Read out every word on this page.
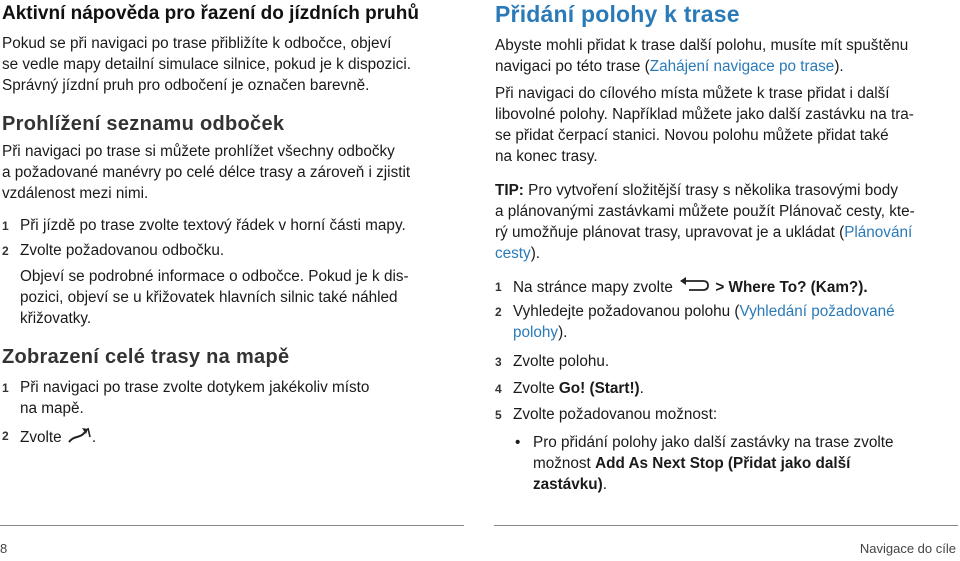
Aktivní nápověda pro řazení do jízdních pruhů

Pokud se při navigaci po trase přibližíte k odbočce, objeví

se vedle mapy detailní simulace silnice, pokud je k dispozici.

Správný jízdní pruh pro odbočení je označen barevně.

Prohlížení seznamu odboček

Při navigaci po trase si můžete prohlížet všechny odbočky

a požadované manévry po celé délce trasy a zároveň i zjistit

vzdálenost mezi nimi.

1 Při jízdě po trase zvolte textový řádek v horní části mapy.
2 Zvolte požadovanou odbočku.

Objeví se podrobné informace o odbočce. Pokud je k dis-

pozici, objeví se u křižovatek hlavních silnic také náhled

křižovatky.

Zobrazení celé trasy na mapě
1 Při navigaci po trase zvolte dotykem jakékoliv místo
na mapě.
2 Zvolte .
Přidání polohy k trase

Abyste mohli přidat k trase další polohu, musíte mít spuštěnu

navigaci po této trase (Zahájení navigace po trase).

Při navigaci do cílového místa můžete k trase přidat i další

libovolné polohy. Například můžete jako další zastávku na tra-

se přidat čerpací stanici. Novou polohu můžete přidat také

na konec trasy.

TIP: Pro vytvoření složitější trasy s několika trasovými body

a plánovanými zastávkami můžete použít Plánovač cesty, kte-

rý umožňuje plánovat trasy, upravovat je a ukládat (Plánování

cesty).

1 Na stránce mapy zvolte	> Where To? (Kam?).
2 Vyhledejte požadovanou polohu (Vyhledání požadované
polohy).
3 Zvolte polohu.
4 Zvolte Go! (Start!).
5 Zvolte požadovanou možnost:
• Pro přidání polohy jako další zastávky na trase zvolte
možnost Add As Next Stop (Přidat jako další
zastávku).
8	Navigace do cíle
